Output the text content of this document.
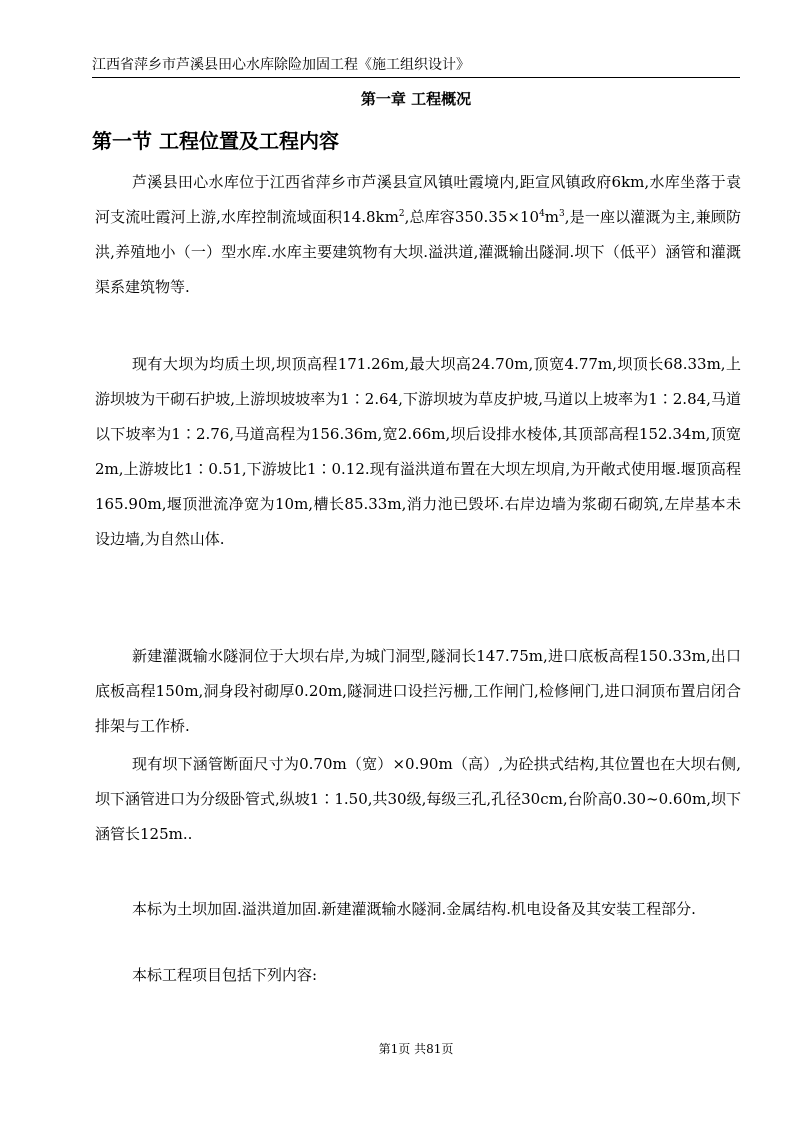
江西省萍乡市芦溪县田心水库除险加固工程《施工组织设计》
第一章 工程概况
第一节 工程位置及工程内容

芦溪县田心水库位于江西省萍乡市芦溪县宣风镇吐霞境内,距宣风镇政府6km,水库坐落于袁河支流吐霞河上游,水库控制流域面积$14.8km^2$,总库容$350.35\times 10^4m^3$,是一座以灌溉为主,兼顾防洪,养殖地小（一）型水库.水库主要建筑物有大坝.溢洪道,灌溉输出隧洞.坝下（低平）涵管和灌溉渠系建筑物等.

现有大坝为均质土坝,坝顶高程171.26m,最大坝高24.70m,顶宽4.77m,坝顶长68.33m,上游坝坡为干砌石护坡,上游坝坡坡率为1∶2.64,下游坝坡为草皮护坡,马道以上坡率为1∶2.84,马道以下坡率为1∶2.76,马道高程为156.36m,宽2.66m,坝后设排水棱体,其顶部高程152.34m,顶宽2m,上游坡比1∶0.51,下游坡比1∶0.12.现有溢洪道布置在大坝左坝肩,为开敞式使用堰.堰顶高程165.90m,堰顶泄流净宽为10m,槽长85.33m,消力池已毁坏.右岸边墙为浆砌石砌筑,左岸基本未设边墙,为自然山体.

新建灌溉输水隧洞位于大坝右岸,为城门洞型,隧洞长147.75m,进口底板高程150.33m,出口底板高程150m,洞身段衬砌厚0.20m,隧洞进口设拦污栅,工作闸门,检修闸门,进口洞顶布置启闭合排架与工作桥.

现有坝下涵管断面尺寸为0.70m（宽）×0.90m（高）,为砼拱式结构,其位置也在大坝右侧,坝下涵管进口为分级卧管式,纵坡1∶1.50,共30级,每级三孔,孔径30cm,台阶高0.30~0.60m,坝下涵管长125m..

本标为土坝加固.溢洪道加固.新建灌溉输水隧洞.金属结构.机电设备及其安装工程部分.

本标工程项目包括下列内容:

第1页 共81页
